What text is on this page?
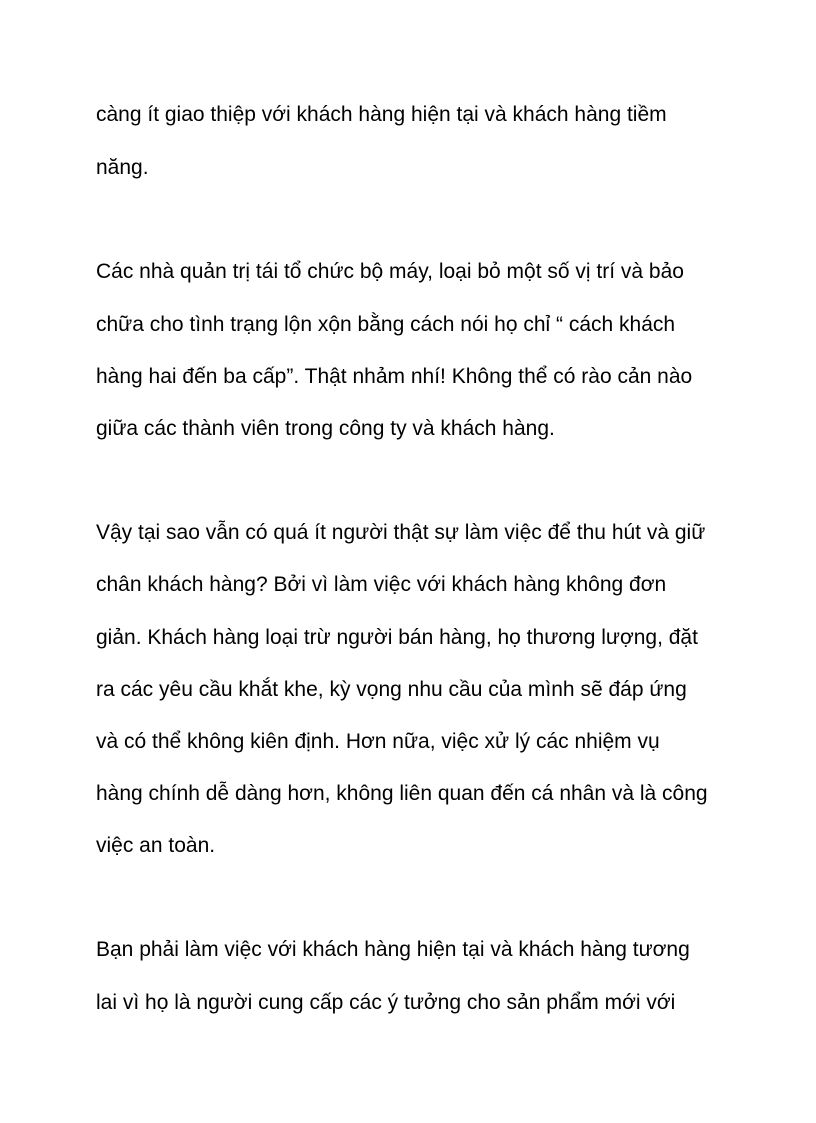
càng ít giao thiệp với khách hàng hiện tại và khách hàng tiềm

năng.

Các nhà quản trị tái tổ chức bộ máy, loại bỏ một số vị trí và bảo

chữa cho tình trạng lộn xộn bằng cách nói họ chỉ “ cách khách

hàng hai đến ba cấp”. Thật nhảm nhí! Không thể có rào cản nào

giữa các thành viên trong công ty và khách hàng.

Vậy tại sao vẫn có quá ít người thật sự làm việc để thu hút và giữ

chân khách hàng? Bởi vì làm việc với khách hàng không đơn

giản. Khách hàng loại trừ người bán hàng, họ thương lượng, đặt

ra các yêu cầu khắt khe, kỳ vọng nhu cầu của mình sẽ đáp ứng

và có thể không kiên định. Hơn nữa, việc xử lý các nhiệm vụ

hàng chính dễ dàng hơn, không liên quan đến cá nhân và là công

việc an toàn.

Bạn phải làm việc với khách hàng hiện tại và khách hàng tương

lai vì họ là người cung cấp các ý tưởng cho sản phẩm mới với
